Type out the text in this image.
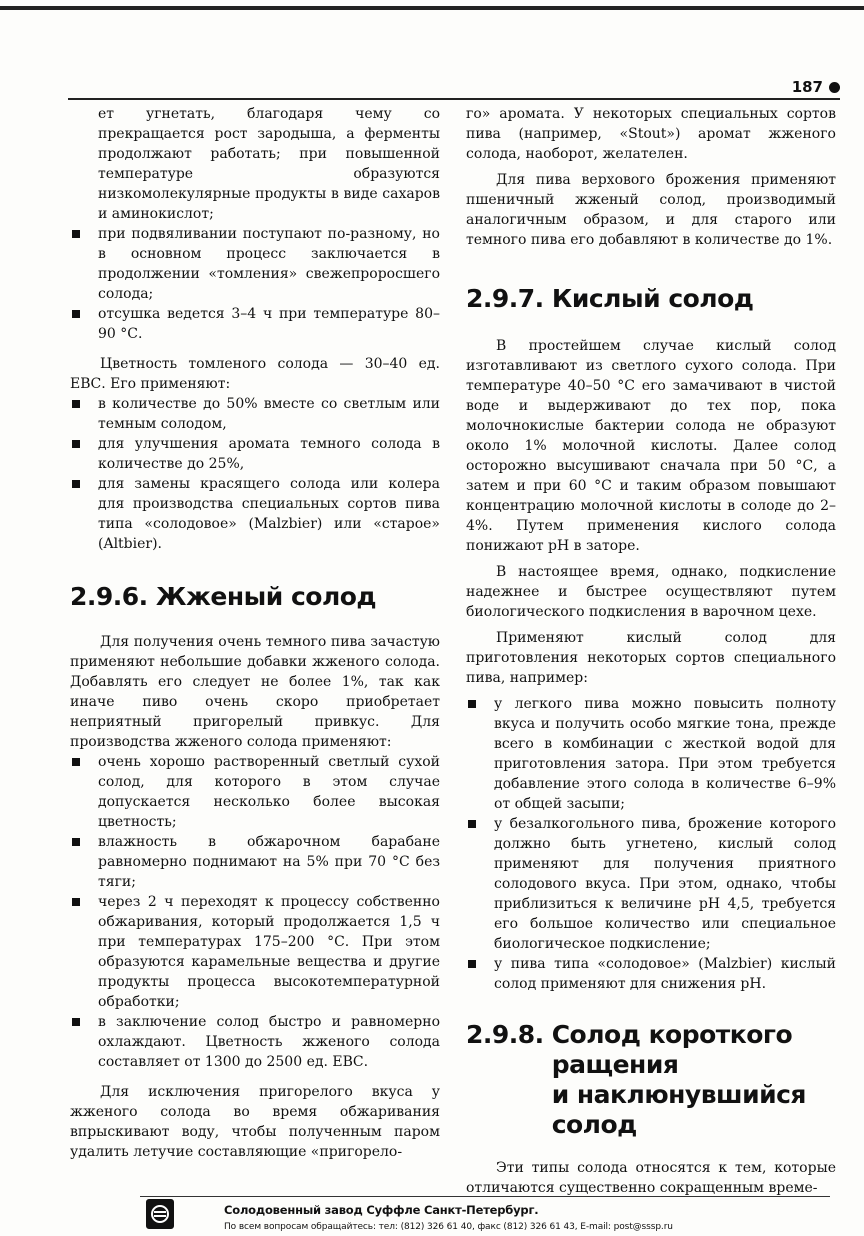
187

ет угнетать, благодаря чему со прекращается рост зародыша, а ферменты продолжают работать; при повышенной температуре образуются низкомолекулярные продукты в виде сахаров и аминокислот;

при подвяливании поступают по-разному, но в основном процесс заключается в продолжении «томления» свежепроросшего солода;
отсушка ведется 3–4 ч при температуре 80–90 °С.

Цветность томленого солода — 30–40 ед. ЕВС. Его применяют:

в количестве до 50% вместе со светлым или темным солодом,
для улучшения аромата темного солода в количестве до 25%,
для замены красящего солода или колера для производства специальных сортов пива типа «солодовое» (Malzbier) или «старое» (Altbier).
2.9.6. Жженый солод

Для получения очень темного пива зачастую применяют небольшие добавки жженого солода. Добавлять его следует не более 1%, так как иначе пиво очень скоро приобретает неприятный пригорелый привкус. Для производства жженого солода применяют:

очень хорошо растворенный светлый сухой солод, для которого в этом случае допускается несколько более высокая цветность;
влажность в обжарочном барабане равномерно поднимают на 5% при 70 °С без тяги;
через 2 ч переходят к процессу собственно обжаривания, который продолжается 1,5 ч при температурах 175–200 °С. При этом образуются карамельные вещества и другие продукты процесса высокотемпературной обработки;
в заключение солод быстро и равномерно охлаждают. Цветность жженого солода составляет от 1300 до 2500 ед. ЕВС.

Для исключения пригорелого вкуса у жженого солода во время обжаривания впрыскивают воду, чтобы полученным паром удалить летучие составляющие «пригорело-

го» аромата. У некоторых специальных сортов пива (например, «Stout») аромат жженого солода, наоборот, желателен.

Для пива верхового брожения применяют пшеничный жженый солод, производимый аналогичным образом, и для старого или темного пива его добавляют в количестве до 1%.

2.9.7. Кислый солод

В простейшем случае кислый солод изготавливают из светлого сухого солода. При температуре 40–50 °С его замачивают в чистой воде и выдерживают до тех пор, пока молочнокислые бактерии солода не образуют около 1% молочной кислоты. Далее солод осторожно высушивают сначала при 50 °С, а затем и при 60 °С и таким образом повышают концентрацию молочной кислоты в солоде до 2–4%. Путем применения кислого солода понижают pH в заторе.

В настоящее время, однако, подкисление надежнее и быстрее осуществляют путем биологического подкисления в варочном цехе.

Применяют кислый солод для приготовления некоторых сортов специального пива, например:

у легкого пива можно повысить полноту вкуса и получить особо мягкие тона, прежде всего в комбинации с жесткой водой для приготовления затора. При этом требуется добавление этого солода в количестве 6–9% от общей засыпи;
у безалкогольного пива, брожение которого должно быть угнетено, кислый солод применяют для получения приятного солодового вкуса. При этом, однако, чтобы приблизиться к величине pH 4,5, требуется его большое количество или специальное биологическое подкисление;
у пива типа «солодовое» (Malzbier) кислый солод применяют для снижения pH.
2.9.8. Солод короткого
ращения
и наклюнувшийся
солод

Эти типы солода относятся к тем, которые отличаются существенно сокращенным време-

Солодовенный завод Суффле Санкт-Петербург.
По всем вопросам обращайтесь: тел: (812) 326 61 40, факс (812) 326 61 43, E-mail: post@sssp.ru
